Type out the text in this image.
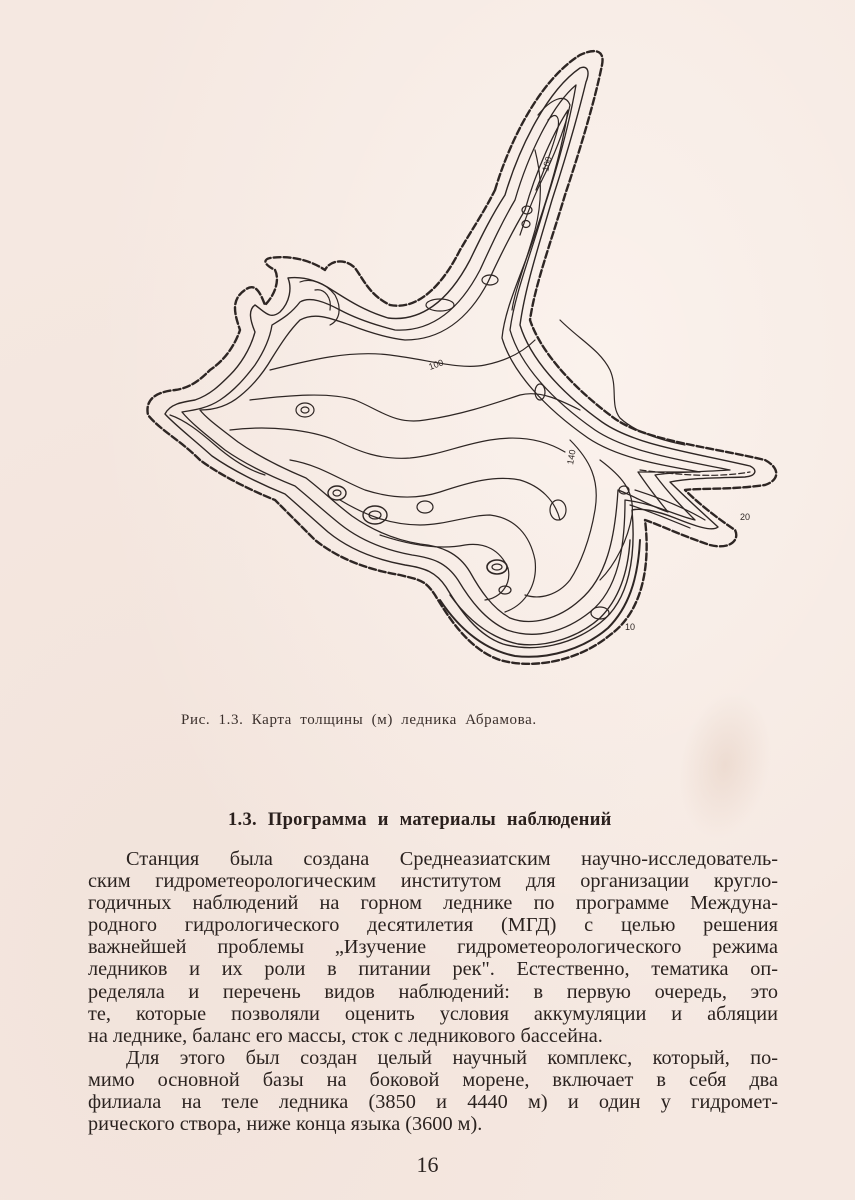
100
140
100
20
10
Рис. 1.3. Карта толщины (м) ледника Абрамова.
1.3. Программа и материалы наблюдений
Станция была создана Среднеазиатским научно-исследователь-
ским гидрометеорологическим институтом для организации кругло-
годичных наблюдений на горном леднике по программе Междуна-
родного гидрологического десятилетия (МГД) с целью решения
важнейшей проблемы „Изучение гидрометеорологического режима
ледников и их роли в питании рек". Естественно, тематика оп-
ределяла и перечень видов наблюдений: в первую очередь, это
те, которые позволяли оценить условия аккумуляции и абляции
на леднике, баланс его массы, сток с ледникового бассейна.
Для этого был создан целый научный комплекс, который, по-
мимо основной базы на боковой морене, включает в себя два
филиала на теле ледника (3850 и 4440 м) и один у гидромет-
рического створа, ниже конца языка (3600 м).
16
